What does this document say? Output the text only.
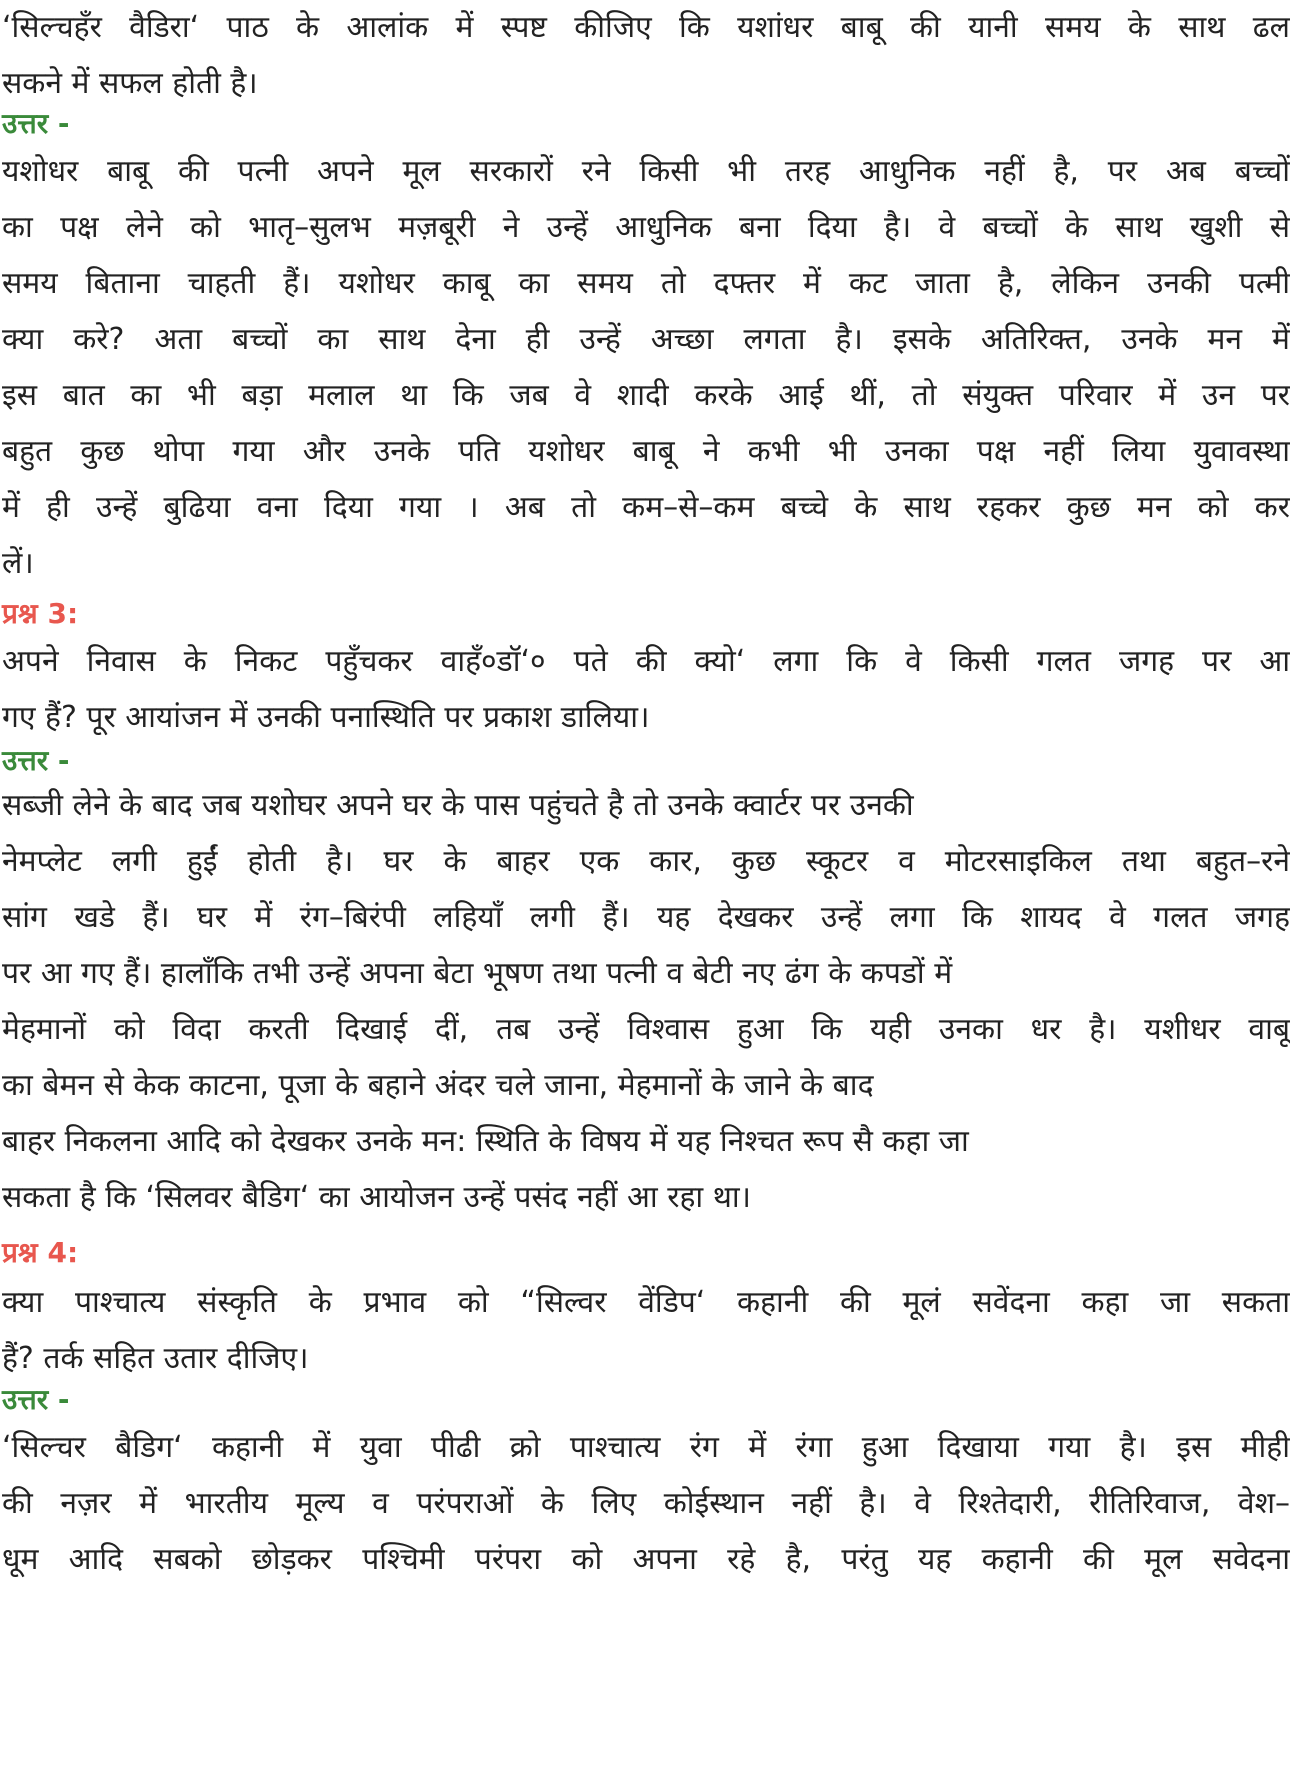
‘सिल्चहँर वैडिरा‘ पाठ के आलांक में स्पष्ट कीजिए कि यशांधर बाबू की यानी समय के साथ ढल
सकने में सफल होती है।
उत्तर -
यशोधर बाबू की पत्नी अपने मूल सरकारों रने किसी भी तरह आधुनिक नहीं है, पर अब बच्चों
का पक्ष लेने को भातृ–सुलभ मज़बूरी ने उन्हें आधुनिक बना दिया है। वे बच्चों के साथ खुशी से
समय बिताना चाहती हैं। यशोधर काबू का समय तो दफ्तर में कट जाता है, लेकिन उनकी पत्मी
क्या करे? अता बच्चों का साथ देना ही उन्हें अच्छा लगता है। इसके अतिरिक्त, उनके मन में
इस बात का भी बड़ा मलाल था कि जब वे शादी करके आई थीं, तो संयुक्त परिवार में उन पर
बहुत कुछ थोपा गया और उनके पति यशोधर बाबू ने कभी भी उनका पक्ष नहीं लिया युवावस्था
में ही उन्हें बुढिया वना दिया गया । अब तो कम–से–कम बच्चे के साथ रहकर कुछ मन को कर
लें।
प्रश्न 3:
अपने निवास के निकट पहुँचकर वाहँ०डॉ‘० पते की क्यो‘ लगा कि वे किसी गलत जगह पर आ
गए हैं? पूर आयांजन में उनकी पनास्थिति पर प्रकाश डालिया।
उत्तर -
सब्जी लेने के बाद जब यशोघर अपने घर के पास पहुंचते है तो उनके क्वार्टर पर उनकी
नेमप्लेट लगी हुईं होती है। घर के बाहर एक कार, कुछ स्कूटर व मोटरसाइकिल तथा बहुत–रने
सांग खडे हैं। घर में रंग–बिरंपी लहियाँ लगी हैं। यह देखकर उन्हें लगा कि शायद वे गलत जगह
पर आ गए हैं। हालाँकि तभी उन्हें अपना बेटा भूषण तथा पत्नी व बेटी नए ढंग के कपडों में
मेहमानों को विदा करती दिखाई दीं, तब उन्हें विश्वास हुआ कि यही उनका धर है। यशीधर वाबू
का बेमन से केक काटना, पूजा के बहाने अंदर चले जाना, मेहमानों के जाने के बाद
बाहर निकलना आदि को देखकर उनके मन: स्थिति के विषय में यह निश्चत रूप सै कहा जा
सकता है कि ‘सिलवर बैडिग‘ का आयोजन उन्हें पसंद नहीं आ रहा था।
प्रश्न 4:
क्या पाश्चात्य संस्कृति के प्रभाव को “सिल्वर वेंडिप‘ कहानी की मूलं सवेंदना कहा जा सकता
हैं? तर्क सहित उतार दीजिए।
उत्तर -
‘सिल्चर बैडिग‘ कहानी में युवा पीढी क्रो पाश्चात्य रंग में रंगा हुआ दिखाया गया है। इस मीही
की नज़र में भारतीय मूल्य व परंपराओं के लिए कोईस्थान नहीं है। वे रिश्तेदारी, रीतिरिवाज, वेश–
धूम आदि सबको छोड़कर पश्चिमी परंपरा को अपना रहे है, परंतु यह कहानी की मूल सवेदना
